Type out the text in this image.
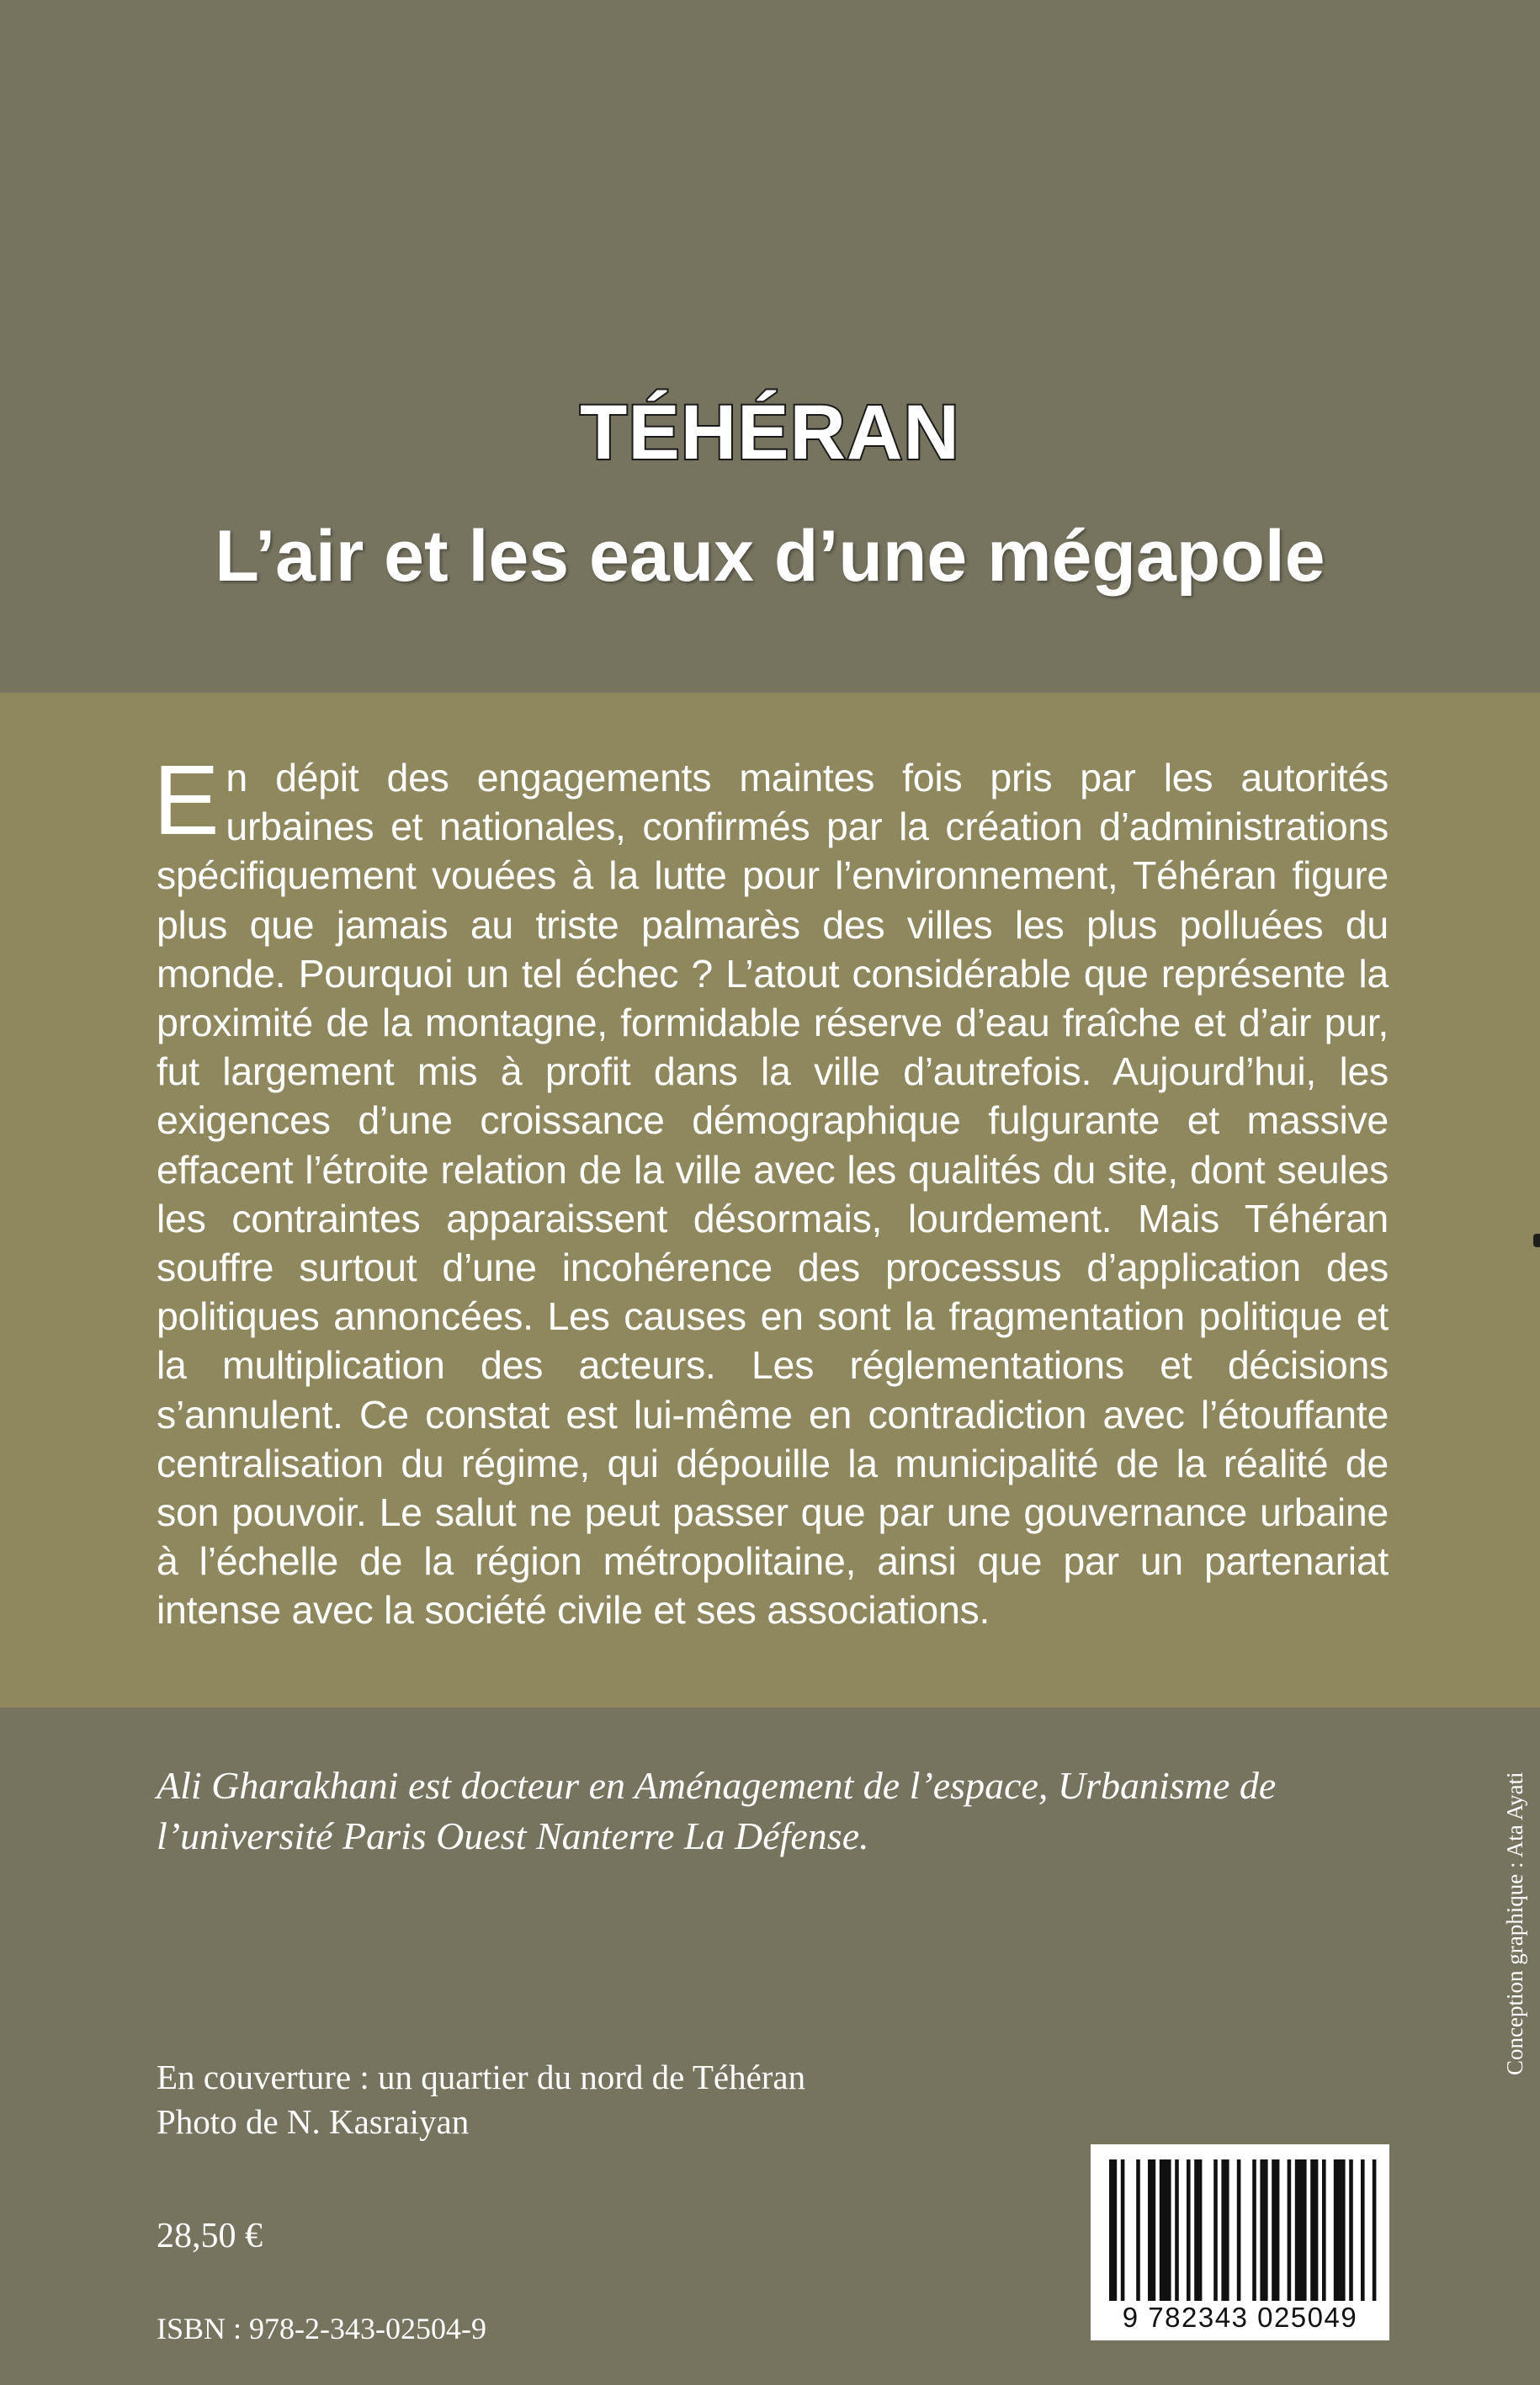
TÉHÉRAN
L’air et les eaux d’une mégapole

En dépit des engagements maintes fois pris par les autorités urbaines et nationales, confirmés par la création d’administrations spécifiquement vouées à la lutte pour l’environnement, Téhéran figure plus que jamais au triste palmarès des villes les plus polluées du monde. Pourquoi un tel échec ? L’atout considérable que représente la proximité de la montagne, formidable réserve d’eau fraîche et d’air pur, fut largement mis à profit dans la ville d’autrefois. Aujourd’hui, les exigences d’une croissance démographique fulgurante et massive effacent l’étroite relation de la ville avec les qualités du site, dont seules les contraintes apparaissent désormais, lourdement. Mais Téhéran souffre surtout d’une incohérence des processus d’application des politiques annoncées. Les causes en sont la fragmentation politique et la multiplication des acteurs. Les réglementations et décisions s’annulent. Ce constat est lui-même en contradiction avec l’étouffante centralisation du régime, qui dépouille la municipalité de la réalité de son pouvoir. Le salut ne peut passer que par une gouvernance urbaine à l’échelle de la région métropolitaine, ainsi que par un partenariat intense avec la société civile et ses associations.

Ali Gharakhani est docteur en Aménagement de l’espace, Urbanisme de l’université Paris Ouest Nanterre La Défense.

En couverture : un quartier du nord de Téhéran
Photo de N. Kasraiyan

28,50 €

ISBN : 978-2-343-02504-9	9 782343 025049
Conception graphique : Ata Ayati
